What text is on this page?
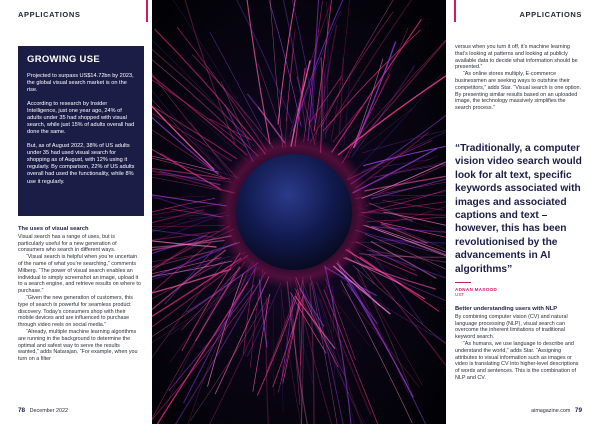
APPLICATIONS
GROWING USE

Projected to surpass US$14.72bn by 2023, the global visual search market is on the rise.

According to research by Insider Intelligence, just one year ago, 24% of adults under 35 had shopped with visual search, while just 15% of adults overall had done the same.

But, as of August 2022, 38% of US adults under 35 had used visual search for shopping as of August, with 12% using it regularly. By comparison, 22% of US adults overall had used the functionality, while 8% use it regularly.

The uses of visual search

Visual search has a range of uses, but is particularly useful for a new generation of consumers who search in different ways.

“Visual search is helpful when you’re uncertain of the name of what you’re searching,” comments Milberg. “The power of visual search enables an individual to simply screenshot an image, upload it to a search engine, and retrieve results on where to purchase.”

“Given the new generation of customers, this type of search is powerful for seamless product discovery. Today’s consumers shop with their mobile devices and are influenced to purchase through video reels on social media.”

“Already, multiple machine learning algorithms are running in the background to determine the optimal and safest way to serve the results wanted,” adds Natarajan. “For example, when you turn on a filter

APPLICATIONS

versus when you turn it off, it’s machine learning that’s looking at patterns and looking at publicly available data to decide what information should be presented.”

“As online stores multiply, E-commerce businessmen are seeking ways to outshine their competitors,” adds Star. “Visual search is one option. By presenting similar results based on an uploaded image, the technology massively simplifies the search process.”

“Traditionally, a computer vision video search would look for alt text, specific keywords associated with images and associated captions and text – however, this has been revolutionised by the advancements in AI algorithms”
ADNAN MASOOD
UST
Better understanding users with NLP

By combining computer vision (CV) and natural language processing (NLP), visual search can overcome the inherent limitations of traditional keyword search.

“As humans, we use language to describe and understand the world,” adds Star. “Assigning attributes to visual information such as images or video is translating CV into higher-level descriptions of words and sentences. This is the combination of NLP and CV.

78 December 2022	aimagazine.com 79
